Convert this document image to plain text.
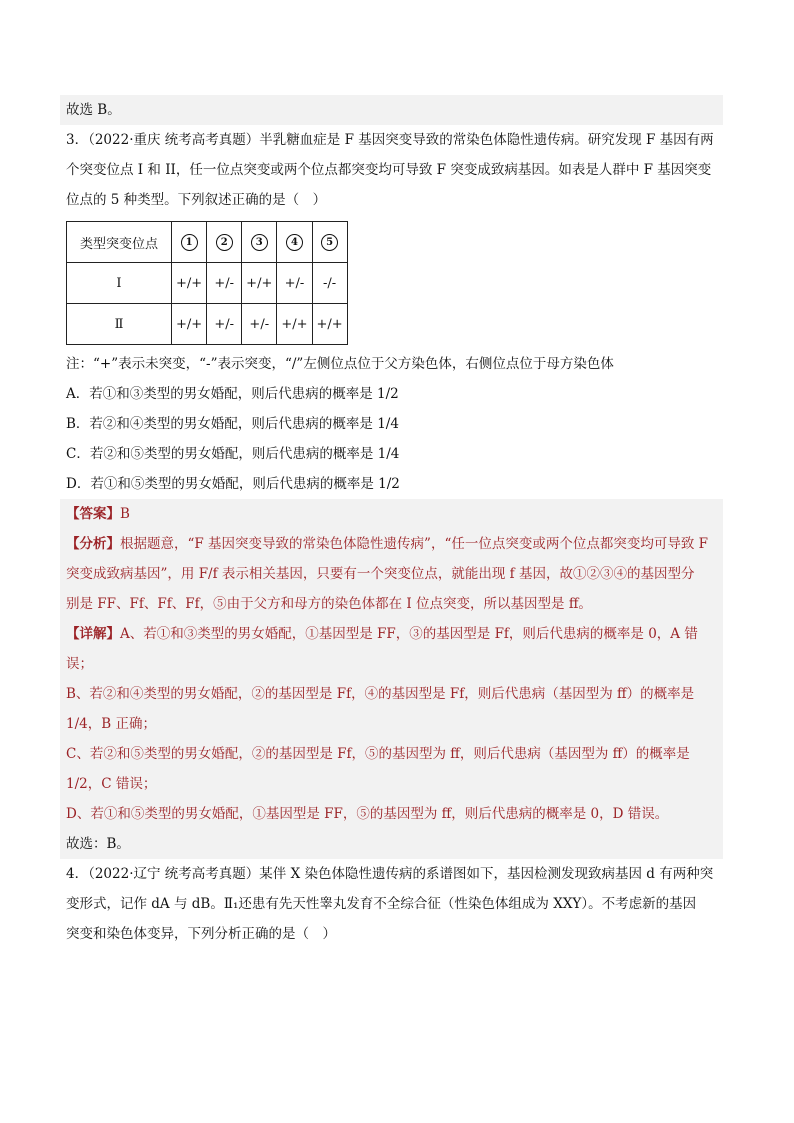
故选 B。
3．（2022·重庆 统考高考真题）半乳糖血症是 F 基因突变导致的常染色体隐性遗传病。研究发现 F 基因有两
个突变位点 I 和 II，任一位点突变或两个位点都突变均可导致 F 突变成致病基因。如表是人群中 F 基因突变
位点的 5 种类型。下列叙述正确的是（　）
类型突变位点	1	2	3	4	5
I	+/+	+/-	+/+	+/-	-/-
Ⅱ	+/+	+/-	+/-	+/+	+/+
注：“+”表示未突变，“-”表示突变，“/”左侧位点位于父方染色体，右侧位点位于母方染色体
A．若①和③类型的男女婚配，则后代患病的概率是 1/2
B．若②和④类型的男女婚配，则后代患病的概率是 1/4
C．若②和⑤类型的男女婚配，则后代患病的概率是 1/4
D．若①和⑤类型的男女婚配，则后代患病的概率是 1/2
【答案】B
【分析】根据题意，“F 基因突变导致的常染色体隐性遗传病”，“任一位点突变或两个位点都突变均可导致 F
突变成致病基因”，用 F/f 表示相关基因，只要有一个突变位点，就能出现 f 基因，故①②③④的基因型分
别是 FF、Ff、Ff、Ff，⑤由于父方和母方的染色体都在 I 位点突变，所以基因型是 ff。
【详解】A、若①和③类型的男女婚配，①基因型是 FF，③的基因型是 Ff，则后代患病的概率是 0，A 错
误；
B、若②和④类型的男女婚配，②的基因型是 Ff，④的基因型是 Ff，则后代患病（基因型为 ff）的概率是
1/4，B 正确；
C、若②和⑤类型的男女婚配，②的基因型是 Ff，⑤的基因型为 ff，则后代患病（基因型为 ff）的概率是
1/2，C 错误；
D、若①和⑤类型的男女婚配，①基因型是 FF，⑤的基因型为 ff，则后代患病的概率是 0，D 错误。
故选：B。
4．（2022·辽宁 统考高考真题）某伴 X 染色体隐性遗传病的系谱图如下，基因检测发现致病基因 d 有两种突
变形式，记作 dA 与 dB。Ⅱ₁还患有先天性睾丸发育不全综合征（性染色体组成为 XXY）。不考虑新的基因
突变和染色体变异，下列分析正确的是（　）
